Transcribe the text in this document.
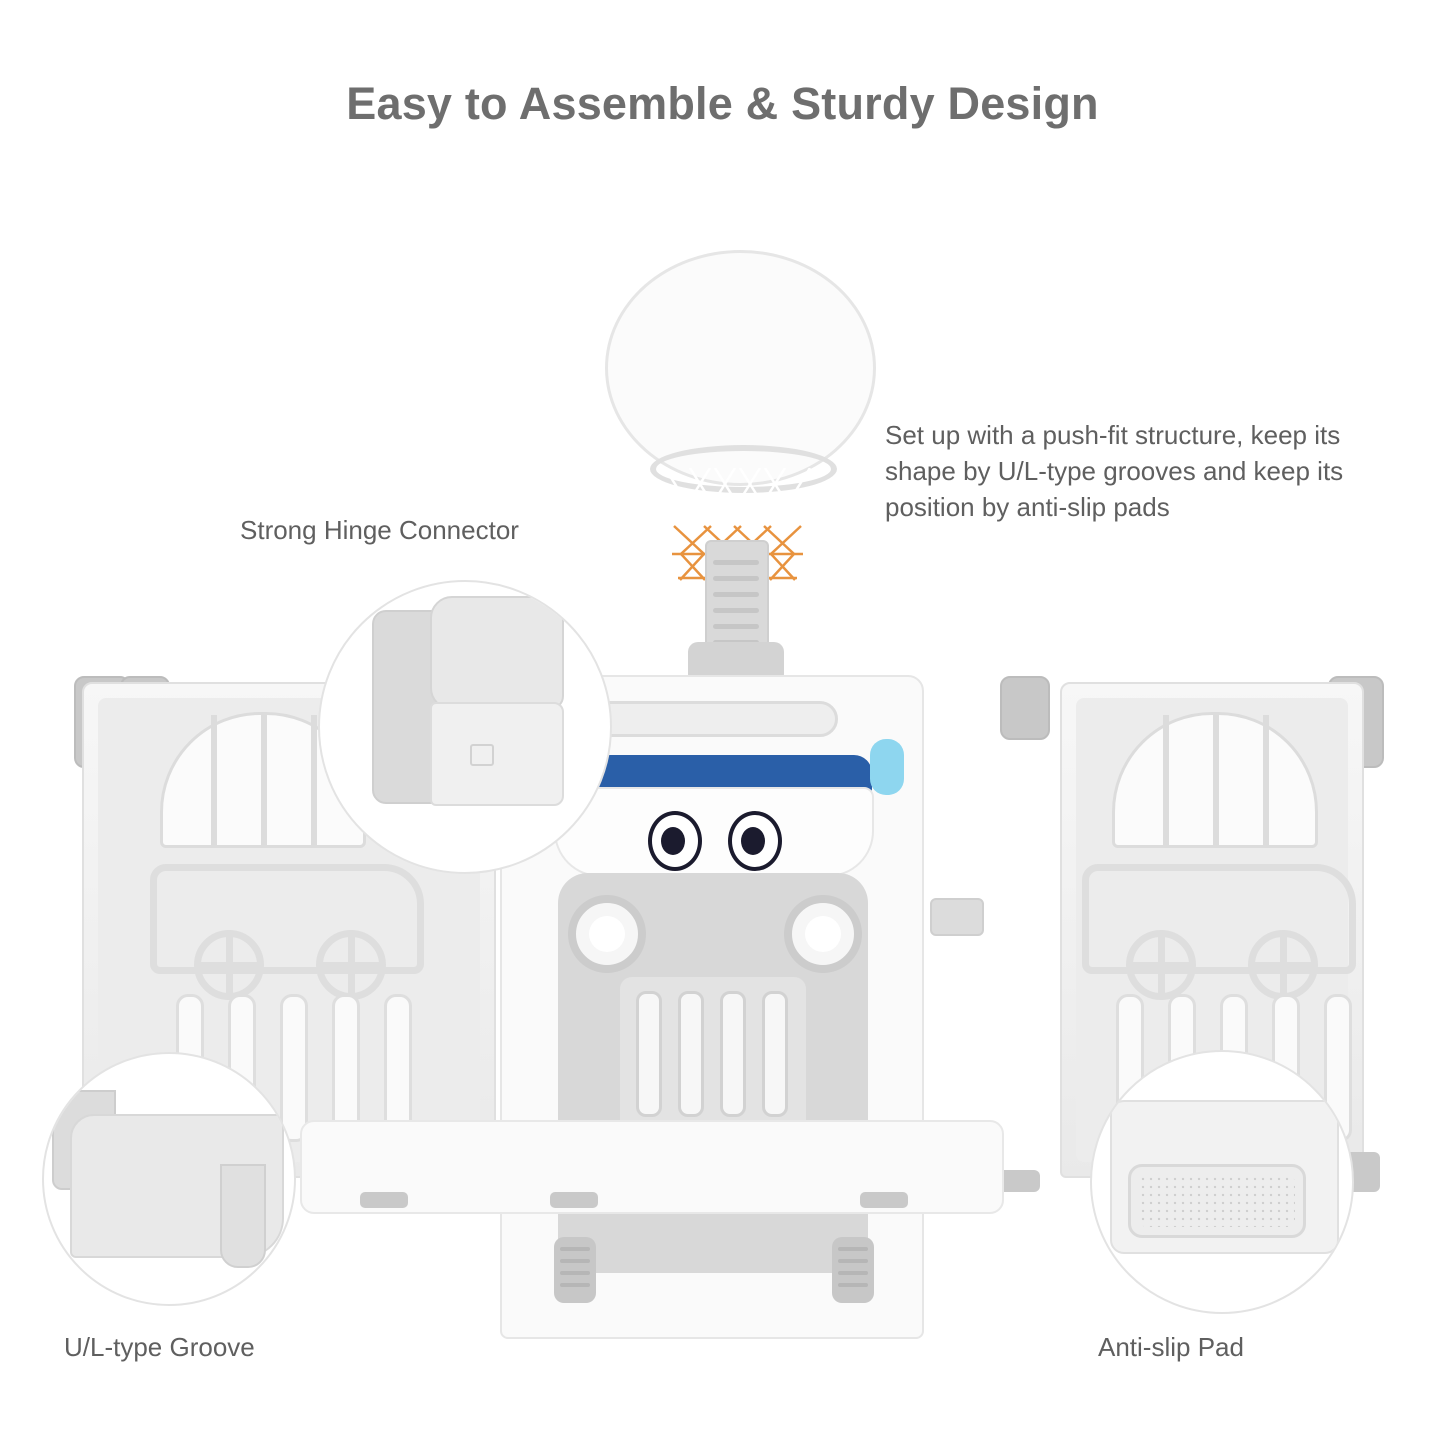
Easy to Assemble & Sturdy Design
Strong Hinge Connector
U/L-type Groove	Anti-slip Pad
Set up with a push-fit structure, keep its shape by U/L-type grooves and keep its position by anti-slip pads
